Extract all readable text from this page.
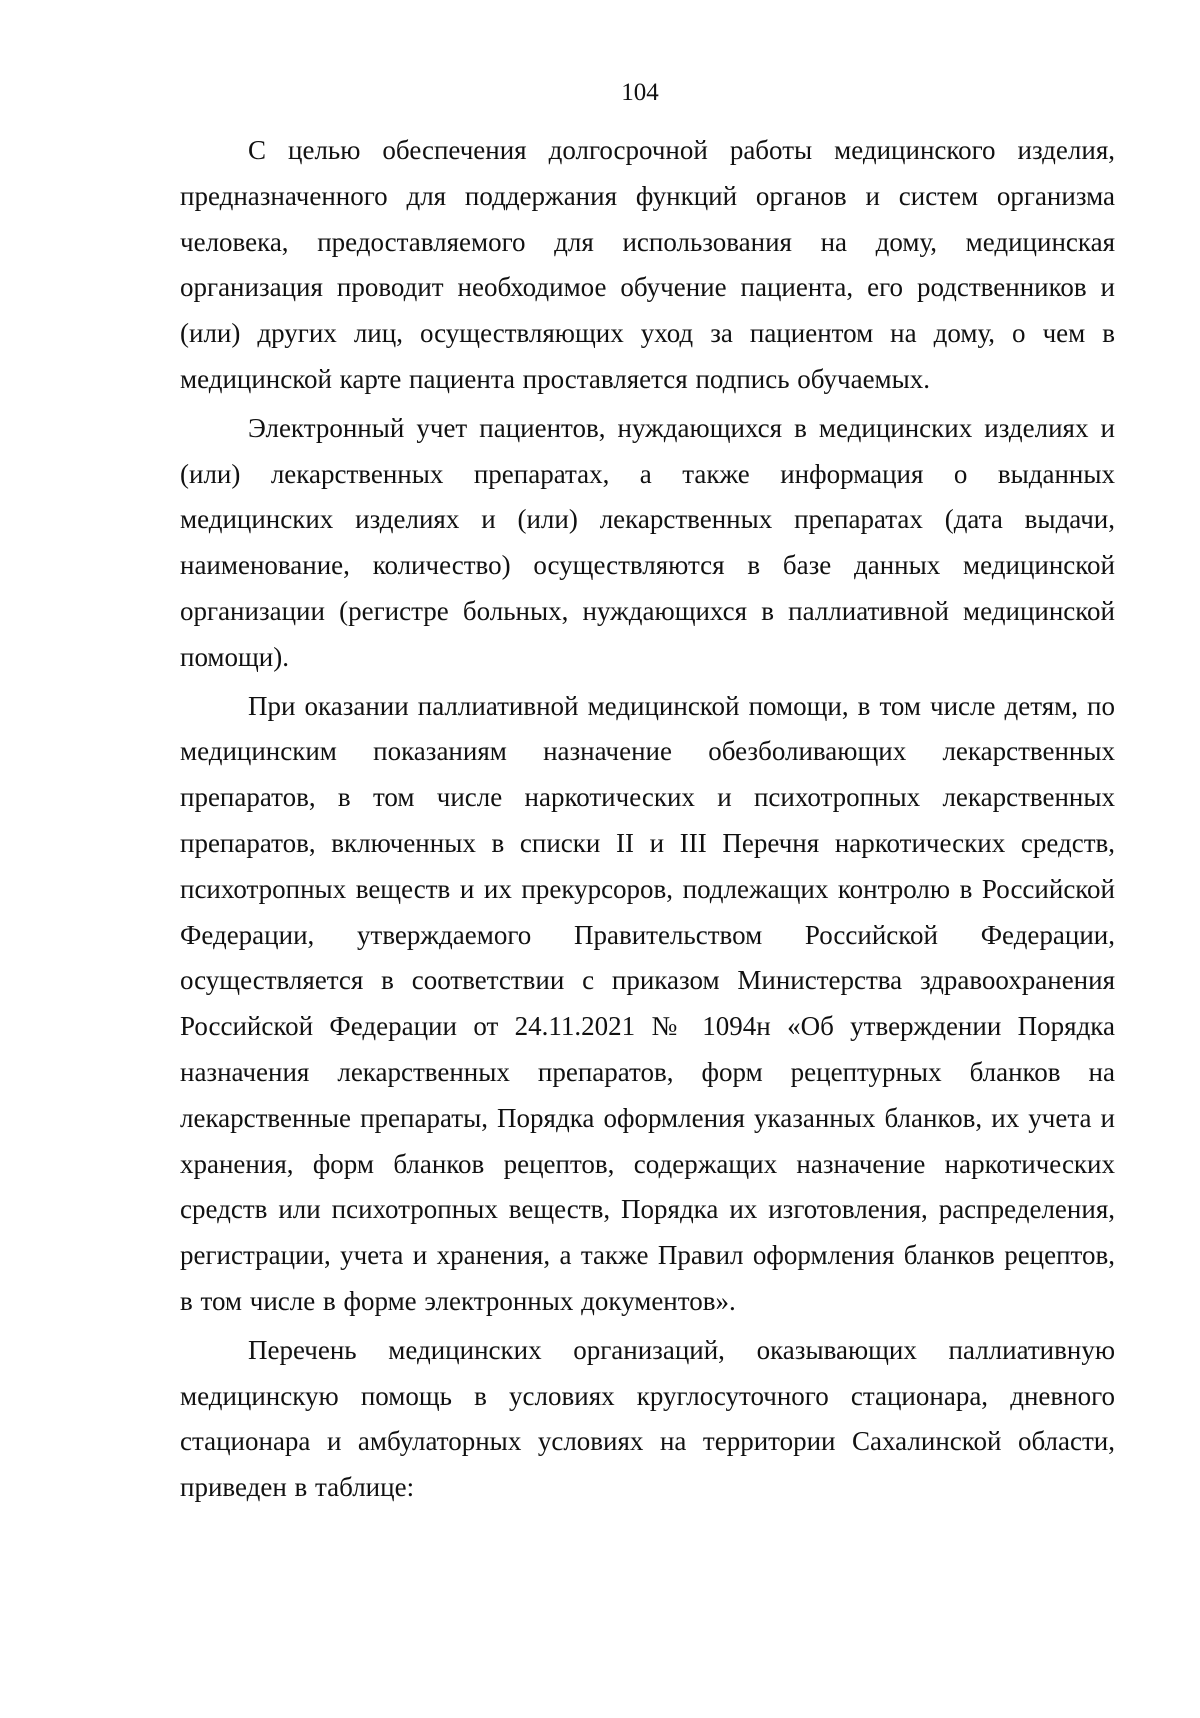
104

С целью обеспечения долгосрочной работы медицинского изделия, предназначенного для поддержания функций органов и систем организма человека, предоставляемого для использования на дому, медицинская организация проводит необходимое обучение пациента, его родственников и (или) других лиц, осуществляющих уход за пациентом на дому, о чем в медицинской карте пациента проставляется подпись обучаемых.

Электронный учет пациентов, нуждающихся в медицинских изделиях и (или) лекарственных препаратах, а также информация о выданных медицинских изделиях и (или) лекарственных препаратах (дата выдачи, наименование, количество) осуществляются в базе данных медицинской организации (регистре больных, нуждающихся в паллиативной медицинской помощи).

При оказании паллиативной медицинской помощи, в том числе детям, по медицинским показаниям назначение обезболивающих лекарственных препаратов, в том числе наркотических и психотропных лекарственных препаратов, включенных в списки II и III Перечня наркотических средств, психотропных веществ и их прекурсоров, подлежащих контролю в Российской Федерации, утверждаемого Правительством Российской Федерации, осуществляется в соответствии с приказом Министерства здравоохранения Российской Федерации от 24.11.2021 № 1094н «Об утверждении Порядка назначения лекарственных препаратов, форм рецептурных бланков на лекарственные препараты, Порядка оформления указанных бланков, их учета и хранения, форм бланков рецептов, содержащих назначение наркотических средств или психотропных веществ, Порядка их изготовления, распределения, регистрации, учета и хранения, а также Правил оформления бланков рецептов, в том числе в форме электронных документов».

Перечень медицинских организаций, оказывающих паллиативную медицинскую помощь в условиях круглосуточного стационара, дневного стационара и амбулаторных условиях на территории Сахалинской области, приведен в таблице:
